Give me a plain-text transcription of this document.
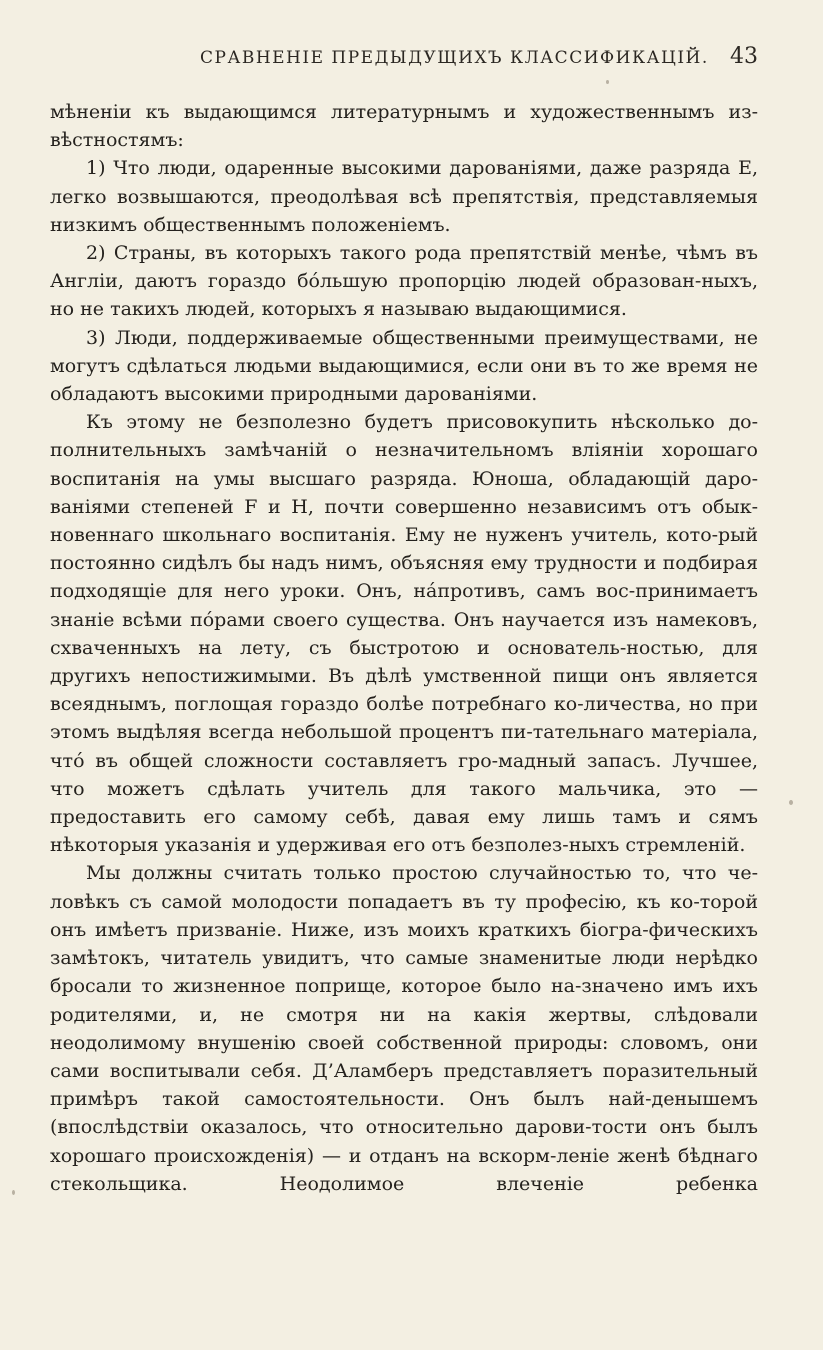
СРАВНЕНІЕ ПРЕДЫДУЩИХЪ КЛАССИФИКАЦІЙ. 43

мѣненіи къ выдающимся литературнымъ и художественнымъ из-вѣстностямъ:

1) Что люди, одаренные высокими дарованіями, даже разряда Е, легко возвышаются, преодолѣвая всѣ препятствія, представляемыя низкимъ общественнымъ положеніемъ.

2) Страны, въ которыхъ такого рода препятствій менѣе, чѣмъ въ Англіи, даютъ гораздо бо́льшую пропорцію людей образован-ныхъ, но не такихъ людей, которыхъ я называю выдающимися.

3) Люди, поддерживаемые общественными преимуществами, не могутъ сдѣлаться людьми выдающимися, если они въ то же время не обладаютъ высокими природными дарованіями.

Къ этому не безполезно будетъ присовокупить нѣсколько до-полнительныхъ замѣчаній о незначительномъ вліяніи хорошаго воспитанія на умы высшаго разряда. Юноша, обладающій даро-ваніями степеней F и H, почти совершенно независимъ отъ обык-новеннаго школьнаго воспитанія. Ему не нуженъ учитель, кото-рый постоянно сидѣлъ бы надъ нимъ, объясняя ему трудности и подбирая подходящіе для него уроки. Онъ, на́противъ, самъ вос-принимаетъ знаніе всѣми по́рами своего существа. Онъ научается изъ намековъ, схваченныхъ на лету, съ быстротою и основатель-ностью, для другихъ непостижимыми. Въ дѣлѣ умственной пищи онъ является всеяднымъ, поглощая гораздо болѣе потребнаго ко-личества, но при этомъ выдѣляя всегда небольшой процентъ пи-тательнаго матеріала, что́ въ общей сложности составляетъ гро-мадный запасъ. Лучшее, что можетъ сдѣлать учитель для такого мальчика, это — предоставить его самому себѣ, давая ему лишь тамъ и сямъ нѣкоторыя указанія и удерживая его отъ безполез-ныхъ стремленій.

Мы должны считать только простою случайностью то, что че-ловѣкъ съ самой молодости попадаетъ въ ту професію, къ ко-торой онъ имѣетъ призваніе. Ниже, изъ моихъ краткихъ біогра-фическихъ замѣтокъ, читатель увидитъ, что самые знаменитые люди нерѣдко бросали то жизненное поприще, которое было на-значено имъ ихъ родителями, и, не смотря ни на какія жертвы, слѣдовали неодолимому внушенію своей собственной природы: словомъ, они сами воспитывали себя. Д’Аламберъ представляетъ поразительный примѣръ такой самостоятельности. Онъ былъ най-денышемъ (впослѣдствіи оказалось, что относительно дарови-тости онъ былъ хорошаго происхожденія) — и отданъ на вскорм-леніе женѣ бѣднаго стекольщика. Неодолимое влеченіе ребенка
